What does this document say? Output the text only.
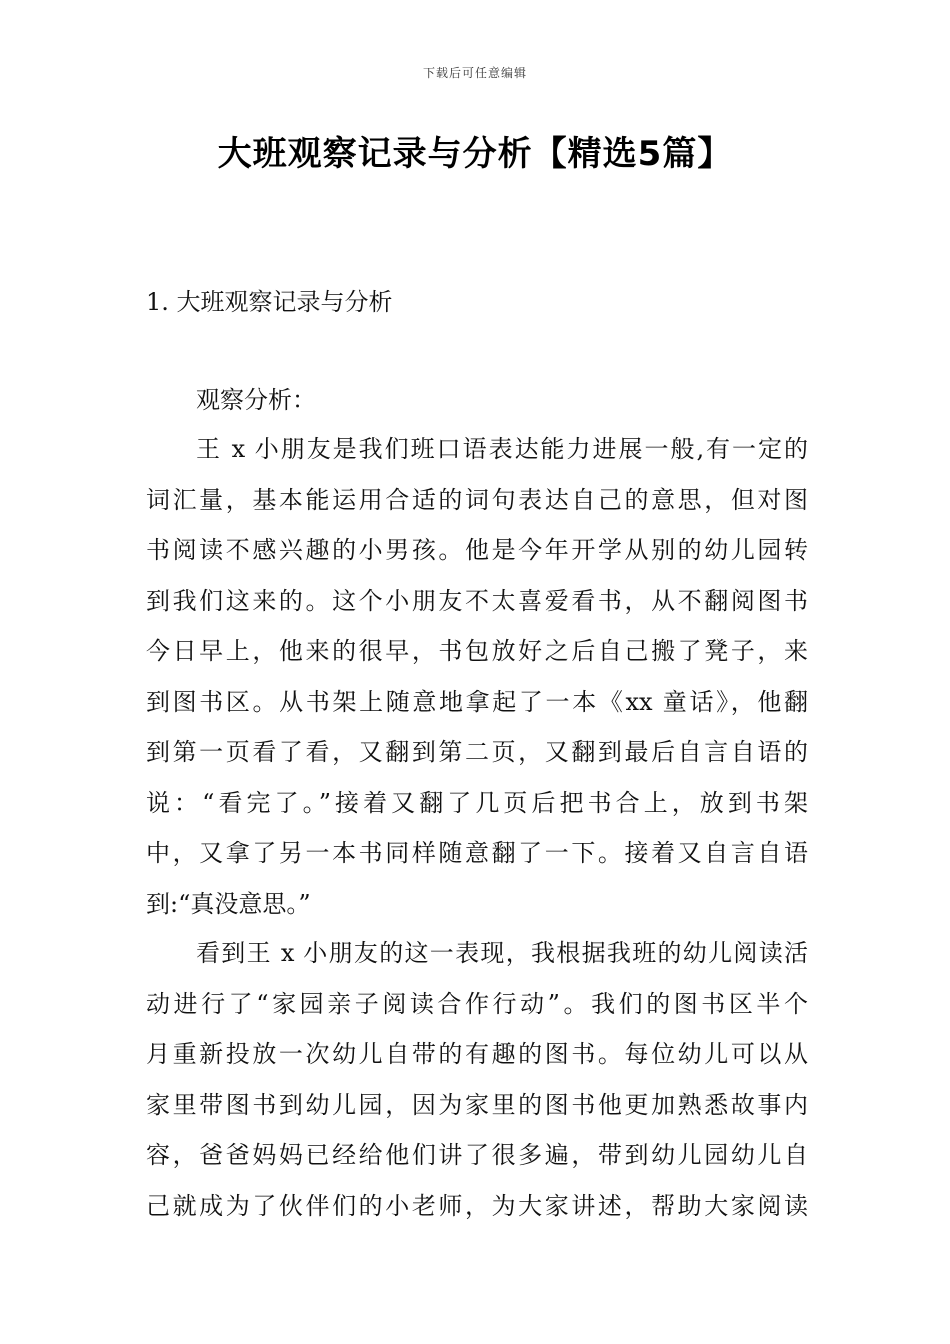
下载后可任意编辑
大班观察记录与分析【精选5篇】
1. 大班观察记录与分析
观察分析：
王 x 小朋友是我们班口语表达能力进展一般,有一定的
词汇量，基本能运用合适的词句表达自己的意思，但对图
书阅读不感兴趣的小男孩。他是今年开学从别的幼儿园转
到我们这来的。这个小朋友不太喜爱看书，从不翻阅图书
今日早上，他来的很早，书包放好之后自己搬了凳子，来
到图书区。从书架上随意地拿起了一本《xx 童话》，他翻
到第一页看了看，又翻到第二页，又翻到最后自言自语的
说：“看完了。”接着又翻了几页后把书合上，放到书架
中，又拿了另一本书同样随意翻了一下。接着又自言自语
到:“真没意思。”
看到王 x 小朋友的这一表现，我根据我班的幼儿阅读活
动进行了“家园亲子阅读合作行动”。我们的图书区半个
月重新投放一次幼儿自带的有趣的图书。每位幼儿可以从
家里带图书到幼儿园，因为家里的图书他更加熟悉故事内
容，爸爸妈妈已经给他们讲了很多遍，带到幼儿园幼儿自
己就成为了伙伴们的小老师，为大家讲述，帮助大家阅读
